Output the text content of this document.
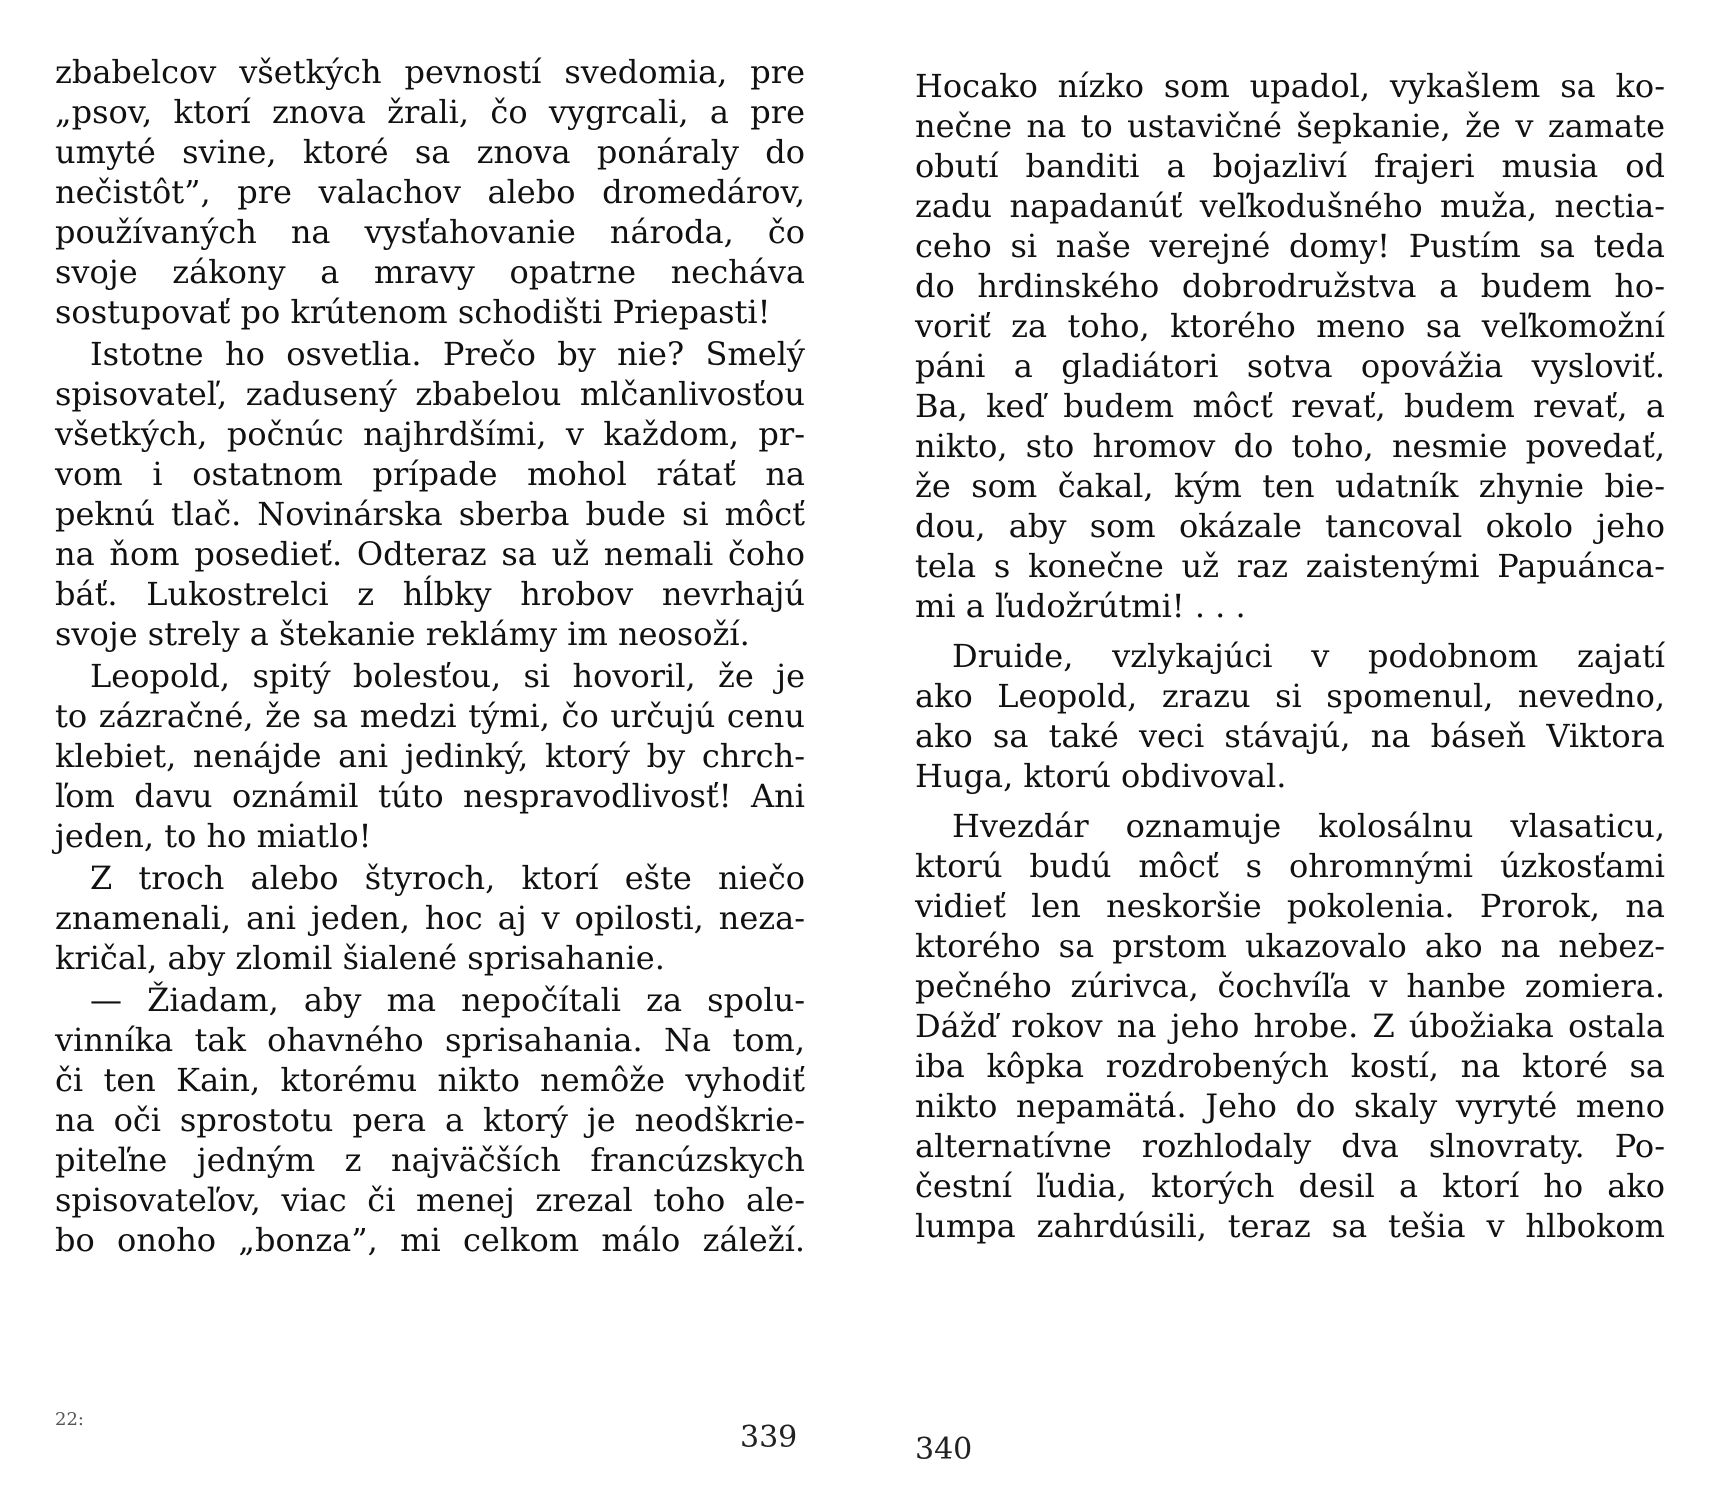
zbabelcov všetkých pevností svedomia, pre
„psov, ktorí znova žrali, čo vygrcali, a pre
umyté svine, ktoré sa znova ponáraly do
nečistôt”, pre valachov alebo dromedárov,
používaných na vysťahovanie národa, čo
svoje zákony a mravy opatrne necháva
sostupovať po krútenom schodišti Priepasti!
Istotne ho osvetlia. Prečo by nie? Smelý
spisovateľ, zadusený zbabelou mlčanlivosťou
všetkých, počnúc najhrdšími, v každom, pr-
vom i ostatnom prípade mohol rátať na
peknú tlač. Novinárska sberba bude si môcť
na ňom posedieť. Odteraz sa už nemali čoho
báť. Lukostrelci z hĺbky hrobov nevrhajú
svoje strely a štekanie reklámy im neosoží.
Leopold, spitý bolesťou, si hovoril, že je
to zázračné, že sa medzi tými, čo určujú cenu
klebiet, nenájde ani jedinký, ktorý by chrch-
ľom davu oznámil túto nespravodlivosť! Ani
jeden, to ho miatlo!
Z troch alebo štyroch, ktorí ešte niečo
znamenali, ani jeden, hoc aj v opilosti, neza-
kričal, aby zlomil šialené sprisahanie.
— Žiadam, aby ma nepočítali za spolu-
vinníka tak ohavného sprisahania. Na tom,
či ten Kain, ktorému nikto nemôže vyhodiť
na oči sprostotu pera a ktorý je neodškrie-
piteľne jedným z najväčších francúzskych
spisovateľov, viac či menej zrezal toho ale-
bo onoho „bonza”, mi celkom málo záleží.
22:
339
Hocako nízko som upadol, vykašlem sa ko-
nečne na to ustavičné šepkanie, že v zamate
obutí banditi a bojazliví frajeri musia od
zadu napadanúť veľkodušného muža, nectia-
ceho si naše verejné domy! Pustím sa teda
do hrdinského dobrodružstva a budem ho-
voriť za toho, ktorého meno sa veľkomožní
páni a gladiátori sotva opovážia vysloviť.
Ba, keď budem môcť revať, budem revať, a
nikto, sto hromov do toho, nesmie povedať,
že som čakal, kým ten udatník zhynie bie-
dou, aby som okázale tancoval okolo jeho
tela s konečne už raz zaistenými Papuánca-
mi a ľudožrútmi! . . .
Druide, vzlykajúci v podobnom zajatí
ako Leopold, zrazu si spomenul, nevedno,
ako sa také veci stávajú, na báseň Viktora
Huga, ktorú obdivoval.
Hvezdár oznamuje kolosálnu vlasaticu,
ktorú budú môcť s ohromnými úzkosťami
vidieť len neskoršie pokolenia. Prorok, na
ktorého sa prstom ukazovalo ako na nebez-
pečného zúrivca, čochvíľa v hanbe zomiera.
Dážď rokov na jeho hrobe. Z úbožiaka ostala
iba kôpka rozdrobených kostí, na ktoré sa
nikto nepamätá. Jeho do skaly vyryté meno
alternatívne rozhlodaly dva slnovraty. Po-
čestní ľudia, ktorých desil a ktorí ho ako
lumpa zahrdúsili, teraz sa tešia v hlbokom
340
